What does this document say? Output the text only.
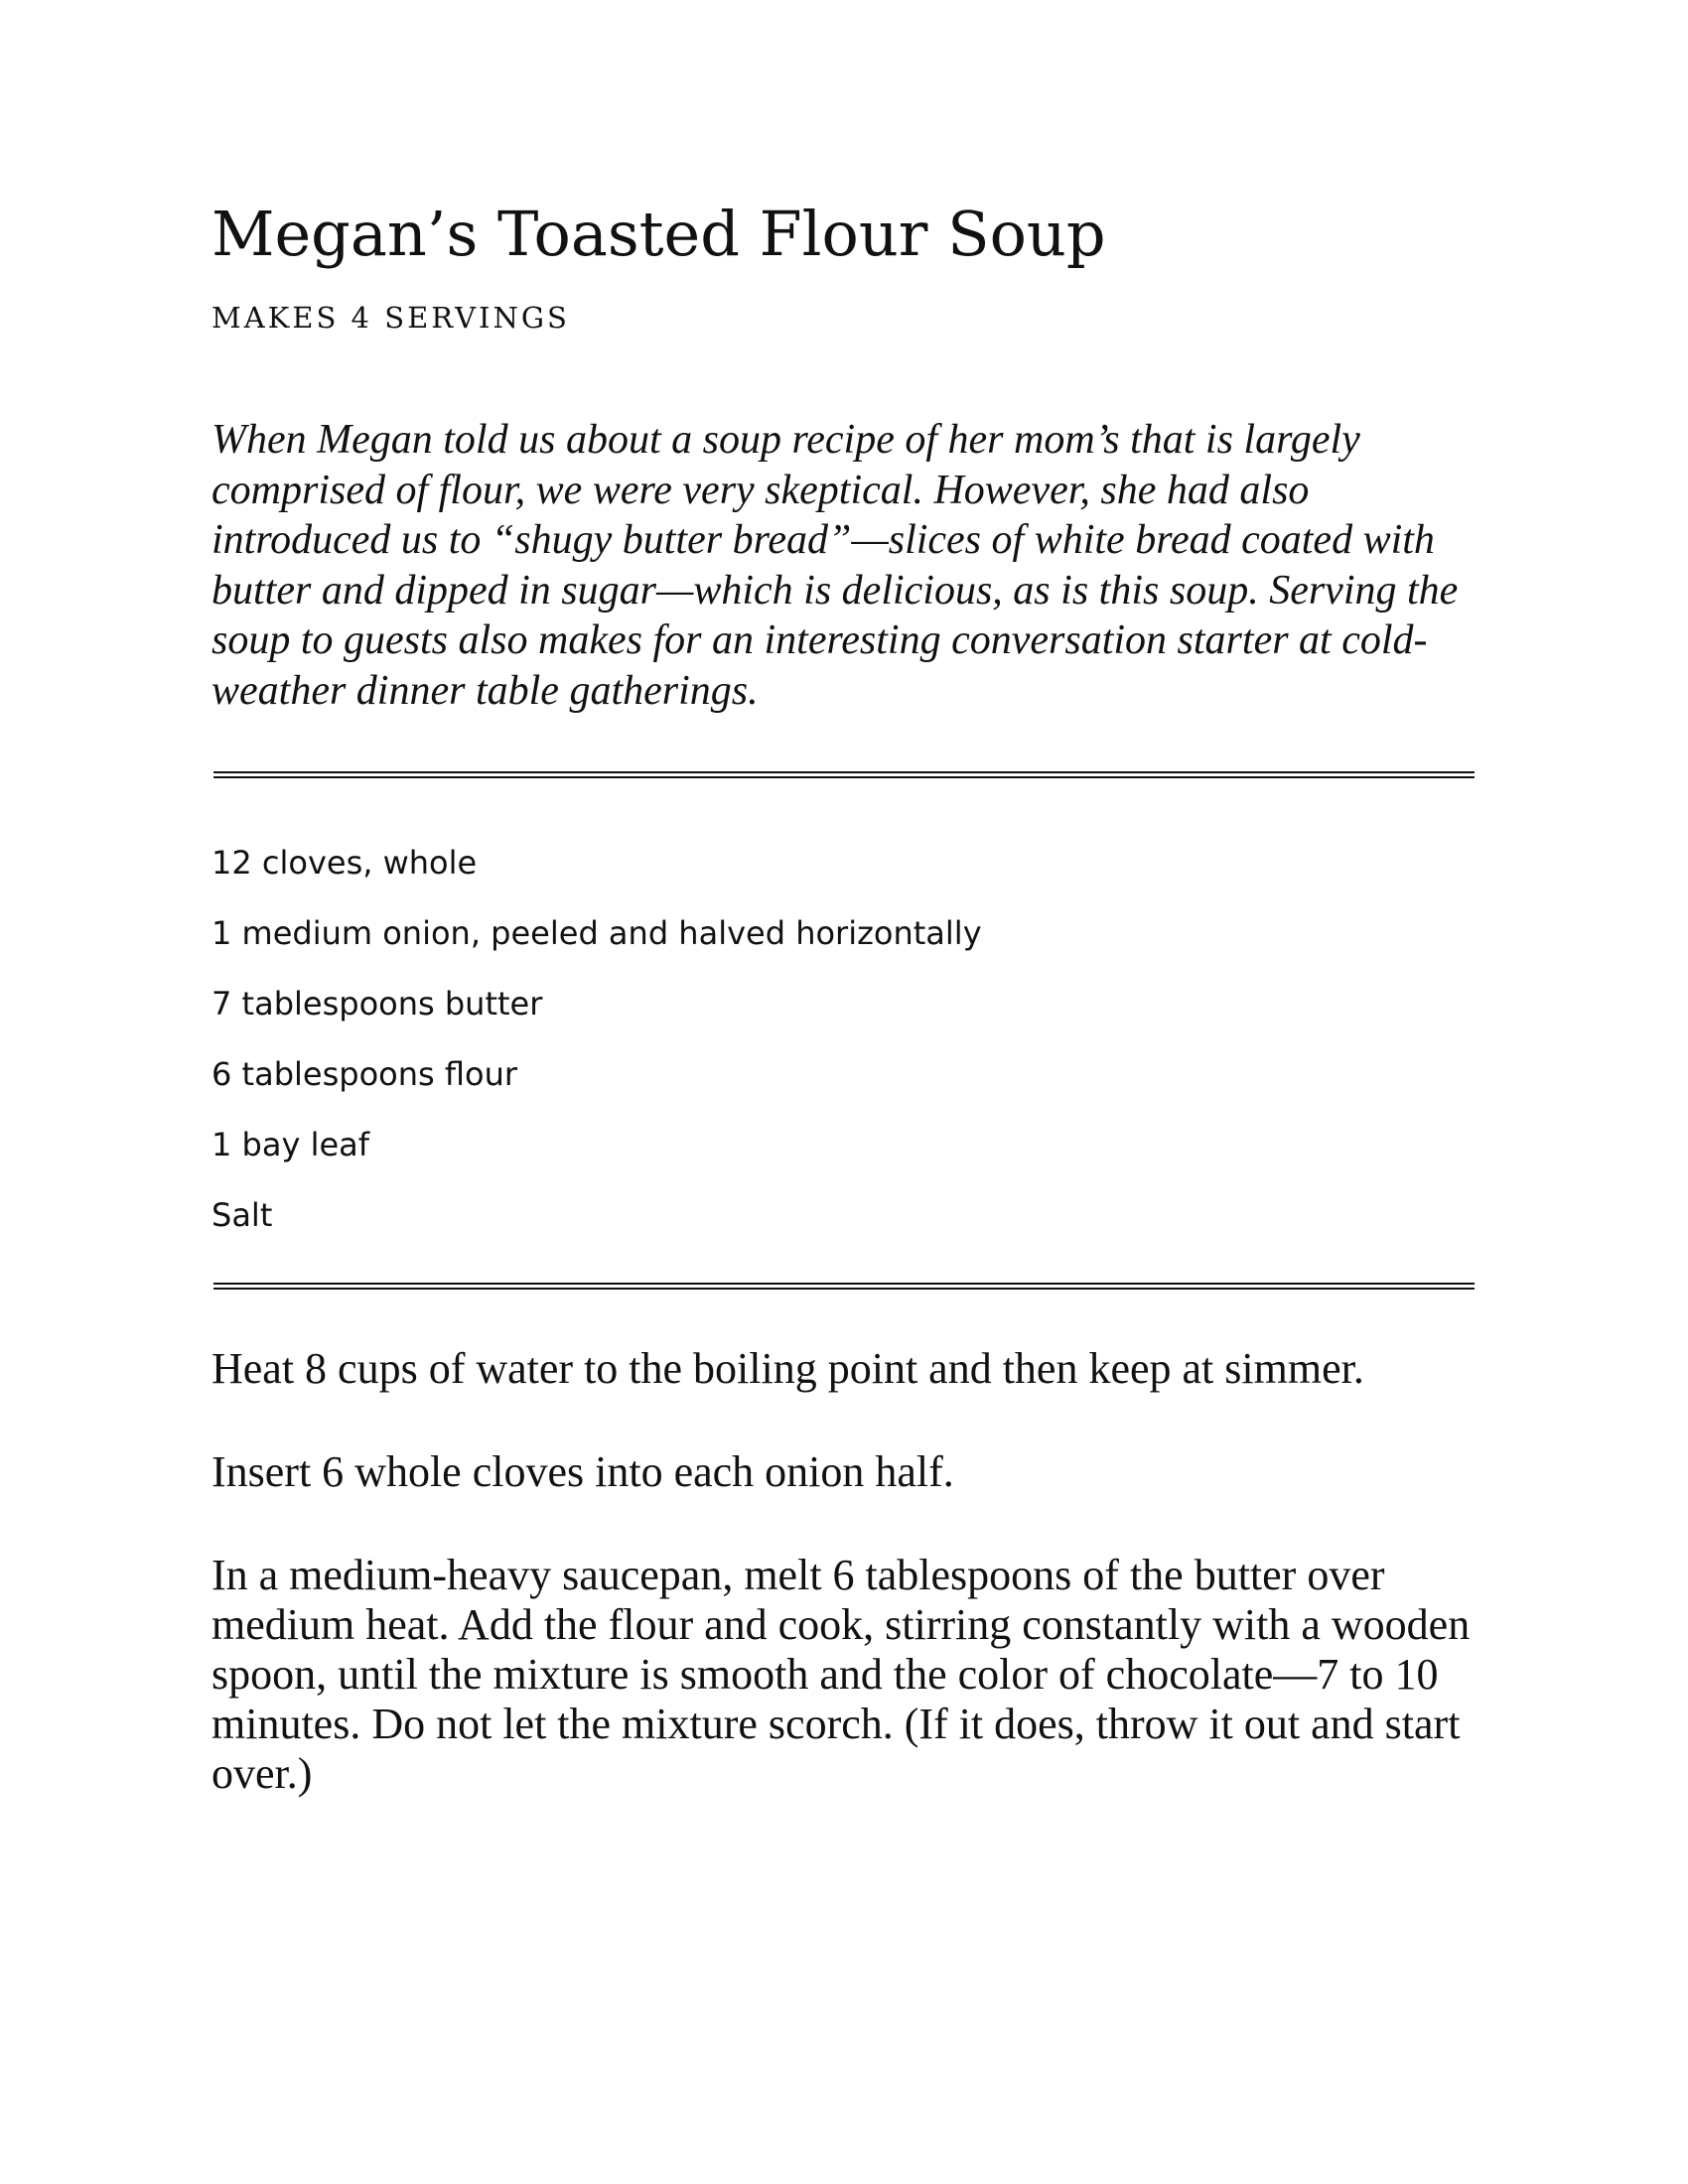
Megan’s Toasted Flour Soup
MAKES 4 SERVINGS

When Megan told us about a soup recipe of her mom’s that is largely comprised of flour, we were very skeptical. However, she had also introduced us to “shugy butter bread”—slices of white bread coated with butter and dipped in sugar—which is delicious, as is this soup. Serving the soup to guests also makes for an interesting conversation starter at cold-weather dinner table gatherings.

12 cloves, whole
1 medium onion, peeled and halved horizontally
7 tablespoons butter
6 tablespoons flour
1 bay leaf
Salt

Heat 8 cups of water to the boiling point and then keep at simmer.

Insert 6 whole cloves into each onion half.

In a medium-heavy saucepan, melt 6 tablespoons of the butter over medium heat. Add the flour and cook, stirring constantly with a wooden spoon, until the mixture is smooth and the color of chocolate—7 to 10 minutes. Do not let the mixture scorch. (If it does, throw it out and start over.)
